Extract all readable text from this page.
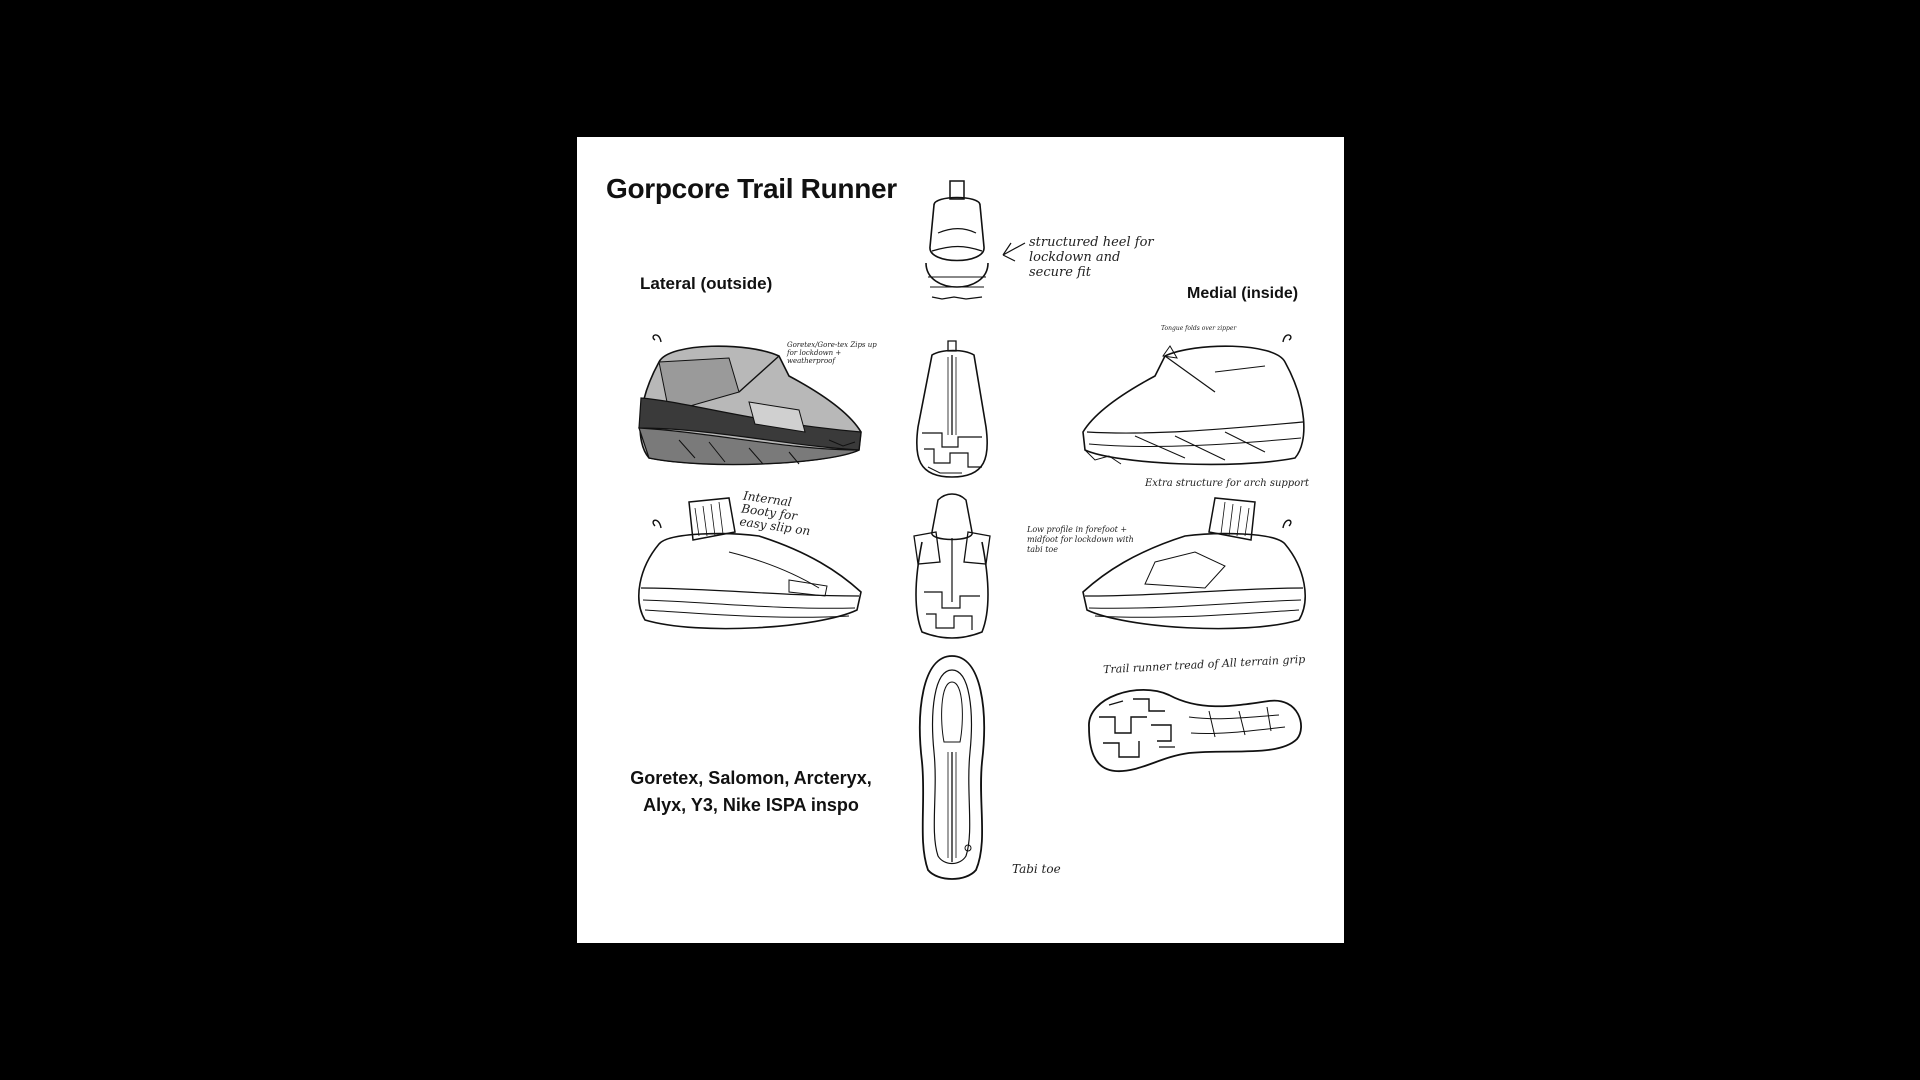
Gorpcore Trail Runner
Lateral (outside)
Medial (inside)
structured heel for lockdown and secure fit
Goretex/Gore-tex Zips up for lockdown + weatherproof
Tongue folds over zipper
Extra structure for arch support
Internal Booty for easy slip on	Low profile in forefoot + midfoot for lockdown with tabi toe
Tabi toe
Trail runner tread of All terrain grip
Goretex, Salomon, Arcteryx,
Alyx, Y3, Nike ISPA inspo
